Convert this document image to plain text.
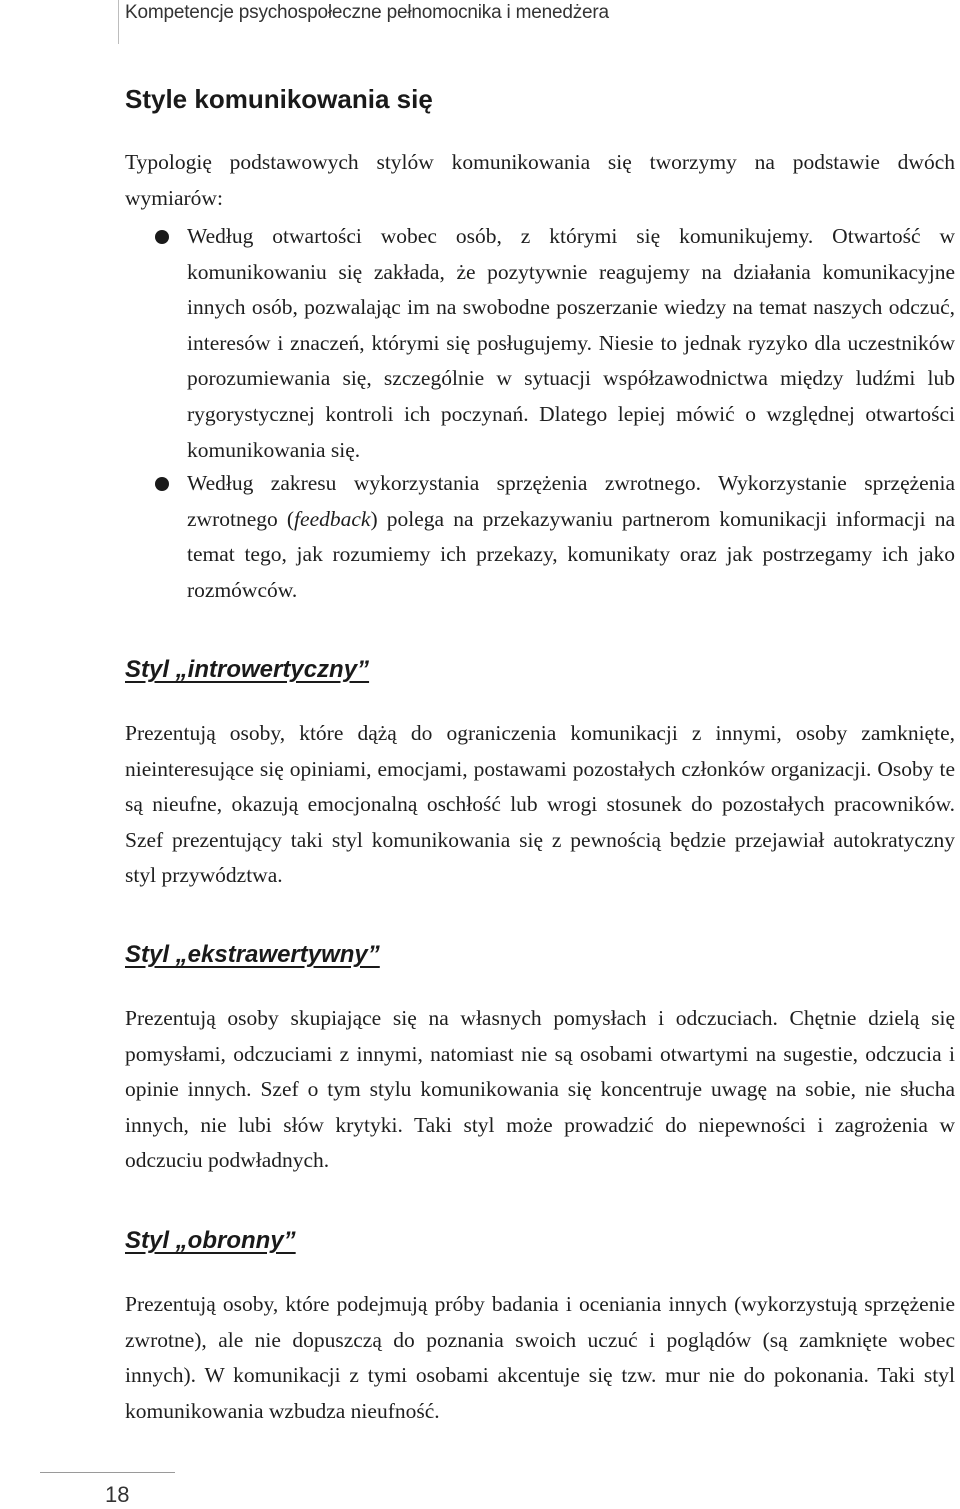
Kompetencje psychospołeczne pełnomocnika i menedżera
Style komunikowania się

Typologię podstawowych stylów komunikowania się tworzymy na podstawie dwóch wymiarów:

Według otwartości wobec osób, z którymi się komunikujemy. Otwartość w komunikowaniu się zakłada, że pozytywnie reagujemy na działania komunikacyjne innych osób, pozwalając im na swobodne poszerzanie wiedzy na temat naszych odczuć, interesów i znaczeń, którymi się posługujemy. Niesie to jednak ryzyko dla uczestników porozumiewania się, szczególnie w sytuacji współzawodnictwa między ludźmi lub rygorystycznej kontroli ich poczynań. Dlatego lepiej mówić o względnej otwartości komunikowania się.

Według zakresu wykorzystania sprzężenia zwrotnego. Wykorzystanie sprzężenia zwrotnego (feedback) polega na przekazywaniu partnerom komunikacji informacji na temat tego, jak rozumiemy ich przekazy, komunikaty oraz jak postrzegamy ich jako rozmówców.

Styl „introwertyczny”

Prezentują osoby, które dążą do ograniczenia komunikacji z innymi, osoby zamknięte, nieinteresujące się opiniami, emocjami, postawami pozostałych członków organizacji. Osoby te są nieufne, okazują emocjonalną oschłość lub wrogi stosunek do pozostałych pracowników. Szef prezentujący taki styl komunikowania się z pewnością będzie przejawiał autokratyczny styl przywództwa.

Styl „ekstrawertywny”

Prezentują osoby skupiające się na własnych pomysłach i odczuciach. Chętnie dzielą się pomysłami, odczuciami z innymi, natomiast nie są osobami otwartymi na sugestie, odczucia i opinie innych. Szef o tym stylu komunikowania się koncentruje uwagę na sobie, nie słucha innych, nie lubi słów krytyki. Taki styl może prowadzić do niepewności i zagrożenia w odczuciu podwładnych.

Styl „obronny”

Prezentują osoby, które podejmują próby badania i oceniania innych (wykorzystują sprzężenie zwrotne), ale nie dopuszczą do poznania swoich uczuć i poglądów (są zamknięte wobec innych). W komunikacji z tymi osobami akcentuje się tzw. mur nie do pokonania. Taki styl komunikowania wzbudza nieufność.

18
